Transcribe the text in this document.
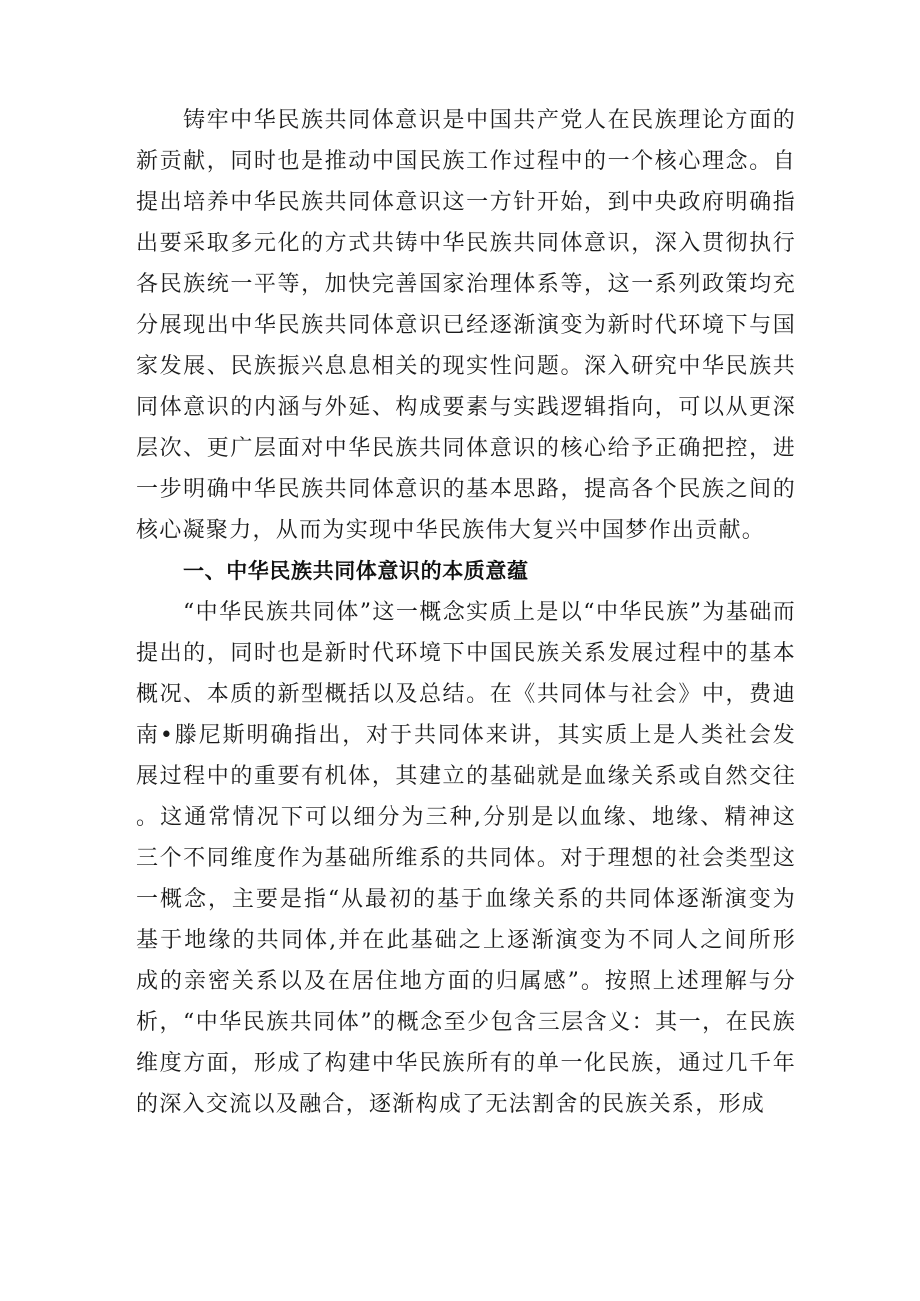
铸牢中华民族共同体意识是中国共产党人在民族理论方面的新贡献，同时也是推动中国民族工作过程中的一个核心理念。自提出培养中华民族共同体意识这一方针开始，到中央政府明确指出要采取多元化的方式共铸中华民族共同体意识，深入贯彻执行各民族统一平等，加快完善国家治理体系等，这一系列政策均充分展现出中华民族共同体意识已经逐渐演变为新时代环境下与国家发展、民族振兴息息相关的现实性问题。深入研究中华民族共同体意识的内涵与外延、构成要素与实践逻辑指向，可以从更深层次、更广层面对中华民族共同体意识的核心给予正确把控，进一步明确中华民族共同体意识的基本思路，提高各个民族之间的核心凝聚力，从而为实现中华民族伟大复兴中国梦作出贡献。

一、中华民族共同体意识的本质意蕴

“中华民族共同体”这一概念实质上是以“中华民族”为基础而提出的，同时也是新时代环境下中国民族关系发展过程中的基本概况、本质的新型概括以及总结。在《共同体与社会》中，费迪南•滕尼斯明确指出，对于共同体来讲，其实质上是人类社会发展过程中的重要有机体，其建立的基础就是血缘关系或自然交往。这通常情况下可以细分为三种,分别是以血缘、地缘、精神这三个不同维度作为基础所维系的共同体。对于理想的社会类型这一概念，主要是指“从最初的基于血缘关系的共同体逐渐演变为基于地缘的共同体,并在此基础之上逐渐演变为不同人之间所形成的亲密关系以及在居住地方面的归属感”。按照上述理解与分析，“中华民族共同体”的概念至少包含三层含义：其一，在民族维度方面，形成了构建中华民族所有的单一化民族，通过几千年的深入交流以及融合，逐渐构成了无法割舍的民族关系，形成
